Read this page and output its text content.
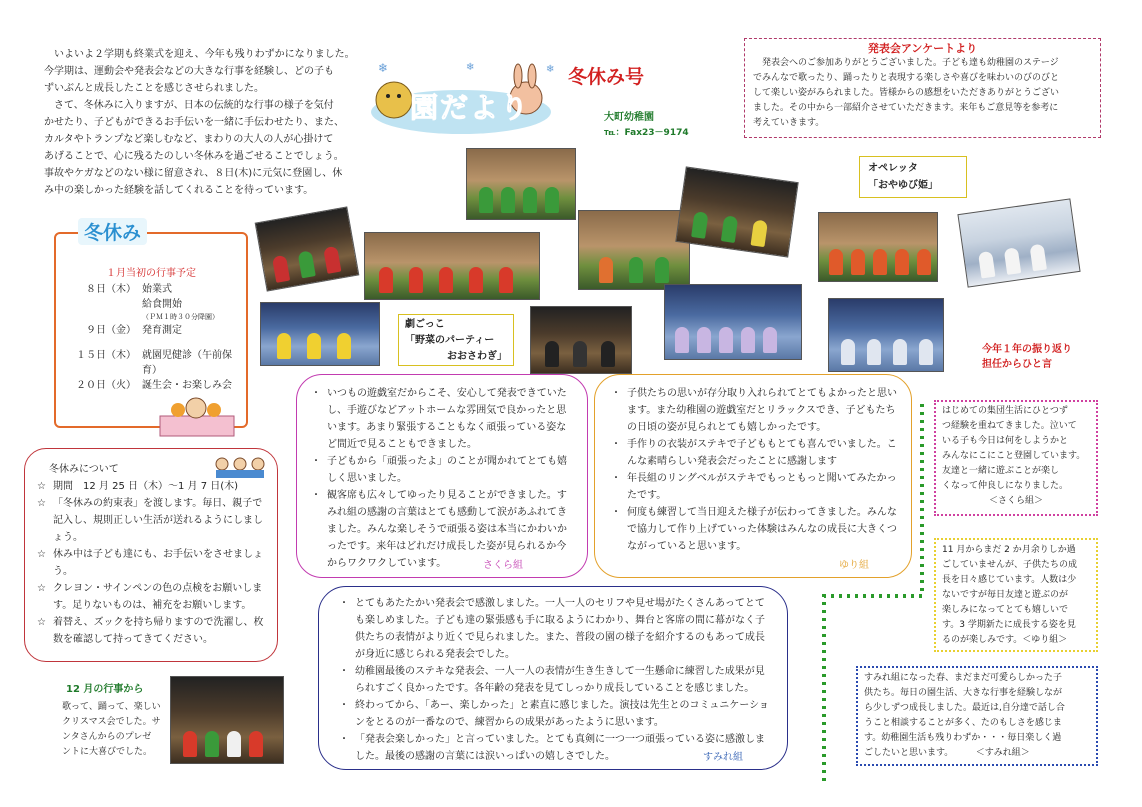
いよいよ２学期も終業式を迎え、今年も残りわずかになりました。
今学期は、運動会や発表会などの大きな行事を経験し、どの子も
ずいぶんと成長したことを感じさせられました。
さて、冬休みに入りますが、日本の伝統的な行事の様子を気付
かせたり、子どもができるお手伝いを一緒に手伝わせたり、また、
カルタやトランプなど楽しむなど、まわりの大人の人が心掛けて
あげることで、心に残るたのしい冬休みを過ごせることでしょう。
事故やケガなどのない様に留意され、８日(木)に元気に登園し、休
み中の楽しかった経験を話してくれることを待っています。
❄	❄
❄
園だより
冬休み号
大町幼稚園
℡：Fax23－9174
発表会アンケートより
発表会へのご参加ありがとうございました。子ども達も幼稚園のステージ
でみんなで歌ったり、踊ったりと表現する楽しさや喜びを味わいのびのびと
して楽しい姿がみられました。皆様からの感想をいただきありがとうござい
ました。その中から一部紹介させていただきます。来年もご意見等を参考に
考えていきます。
オペレッタ
「おやゆび姫」
劇ごっこ
「野菜のパーティー
おおさわぎ」
今年１年の振り返り
担任からひと言
冬休み
１月当初の行事予定
８日（木）	始業式
	給食開始
	（ＰＭ１時３０分降園）
９日（金）	発育測定

１５日（木）	就園児健診（午前保育）
２０日（火）	誕生会・お楽しみ会
冬休みについて
☆ 期間　12 月 25 日（木）～1 月 7 日(木)
☆ 「冬休みの約束表」を渡します。毎日、親子で記入し、規則正しい生活が送れるようにしましょう。
☆ 休み中は子ども達にも、お手伝いをさせましょう。
☆ クレヨン・サインペンの色の点検をお願いします。足りないものは、補充をお願いします。
☆ 着替え、ズックを持ち帰りますので洗濯し、枚数を確認して持ってきてください。
12 月の行事から
歌って、踊って、楽しい
クリスマス会でした。サ
ンタさんからのプレゼ
ントに大喜びでした。
・ いつもの遊戯室だからこそ、安心して発表できていたし、手遊びなどアットホームな雰囲気で良かったと思います。あまり緊張することもなく頑張っている姿など間近で見ることもできました。
・ 子どもから「頑張ったよ」のことが聞かれてとても嬉しく思いました。
・ 観客席も広々してゆったり見ることができました。すみれ組の感謝の言葉はとても感動して涙があふれてきました。みんな楽しそうで頑張る姿は本当にかわいかったです。来年はどれだけ成長した姿が見られるか今からワクワクしています。	さくら組
・ 子供たちの思いが存分取り入れられてとてもよかったと思います。また幼稚園の遊戯室だとリラックスでき、子どもたちの日頃の姿が見られとても嬉しかったです。
・ 手作りの衣装がステキで子どももとても喜んでいました。こんな素晴らしい発表会だったことに感謝します
・ 年長組のリングベルがステキでもっともっと聞いてみたかったです。
・ 何度も練習して当日迎えた様子が伝わってきました。みんなで協力して作り上げていった体験はみんなの成長に大きくつながっていると思います。
ゆり組
・ とてもあたたかい発表会で感激しました。一人一人のセリフや見せ場がたくさんあってとても楽しめました。子ども達の緊張感も手に取るようにわかり、舞台と客席の間に幕がなく子供たちの表情がより近くで見られました。また、普段の園の様子を紹介するのもあって成長が身近に感じられる発表会でした。
・ 幼稚園最後のステキな発表会、一人一人の表情が生き生きして一生懸命に練習した成果が見られすごく良かったです。各年齢の発表を見てしっかり成長していることを感じました。
・ 終わってから、「あー、楽しかった」と素直に感じました。演技は先生とのコミュニケーションをとるのが一番なので、練習からの成果があったように思います。
・ 「発表会楽しかった」と言っていました。とても真剣に一つ一つ頑張っている姿に感激しました。最後の感謝の言葉には涙いっぱいの嬉しさでした。	すみれ組
はじめての集団生活にひとつず
つ経験を重ねてきました。泣いて
いる子も今日は何をしようかと
みんなにこにこと登園しています。友達と一緒に遊ぶことが楽し
くなって仲良しになりました。
＜さくら組＞
11 月からまだ 2 か月余りしか過
ごしていませんが、子供たちの成
長を日々感じています。人数は少
ないですが毎日友達と遊ぶのが
楽しみになってとても嬉しいで
す。3 学期新たに成長する姿を見
るのが楽しみです。＜ゆり組＞
すみれ組になった春、まだまだ可愛らしかった子
供たち。毎日の園生活、大きな行事を経験しなが
ら少しずつ成長しました。最近は,自分達で話し合
うこと相談することが多く、たのもしさを感じま
す。幼稚園生活も残りわずか・・・毎日楽しく過
ごしたいと思います。　　　＜すみれ組＞
